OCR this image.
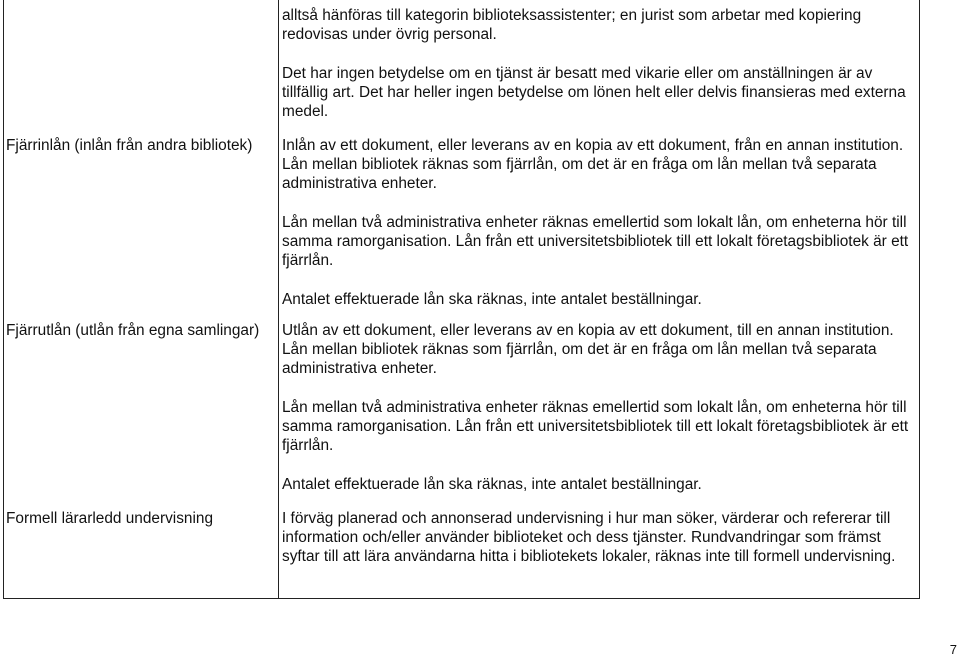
alltså hänföras till kategorin biblioteksassistenter; en jurist som arbetar med kopiering redovisas under övrig personal.

Det har ingen betydelse om en tjänst är besatt med vikarie eller om anställningen är av tillfällig art. Det har heller ingen betydelse om lönen helt eller delvis finansieras med externa medel.

Fjärrinlån (inlån från andra bibliotek)	Inlån av ett dokument, eller leverans av en kopia av ett dokument, från en annan institution. Lån mellan bibliotek räknas som fjärrlån, om det är en fråga om lån mellan två separata administrativa enheter.

Lån mellan två administrativa enheter räknas emellertid som lokalt lån, om enheterna hör till samma ramorganisation. Lån från ett universitetsbibliotek till ett lokalt företagsbibliotek är ett fjärrlån.

Antalet effektuerade lån ska räknas, inte antalet beställningar.

Fjärrutlån (utlån från egna samlingar)	Utlån av ett dokument, eller leverans av en kopia av ett dokument, till en annan institution. Lån mellan bibliotek räknas som fjärrlån, om det är en fråga om lån mellan två separata administrativa enheter.

Lån mellan två administrativa enheter räknas emellertid som lokalt lån, om enheterna hör till samma ramorganisation. Lån från ett universitetsbibliotek till ett lokalt företagsbibliotek är ett fjärrlån.

Antalet effektuerade lån ska räknas, inte antalet beställningar.

Formell lärarledd undervisning	I förväg planerad och annonserad undervisning i hur man söker, värderar och refererar till information och/eller använder biblioteket och dess tjänster. Rundvandringar som främst syftar till att lära användarna hitta i bibliotekets lokaler, räknas inte till formell undervisning.

7
